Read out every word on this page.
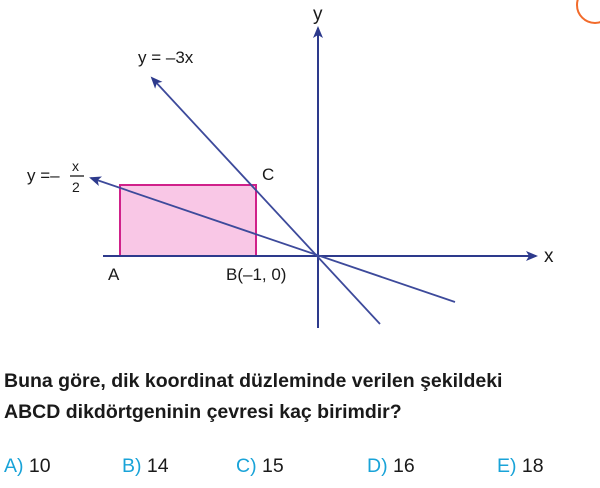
y
x
y = –3x
y =– x
2
A	B(–1, 0)
C
Buna göre, dik koordinat düzleminde verilen şekildeki
ABCD dikdörtgeninin çevresi kaç birimdir?
A) 10	B) 14	C) 15	D) 16	E) 18
